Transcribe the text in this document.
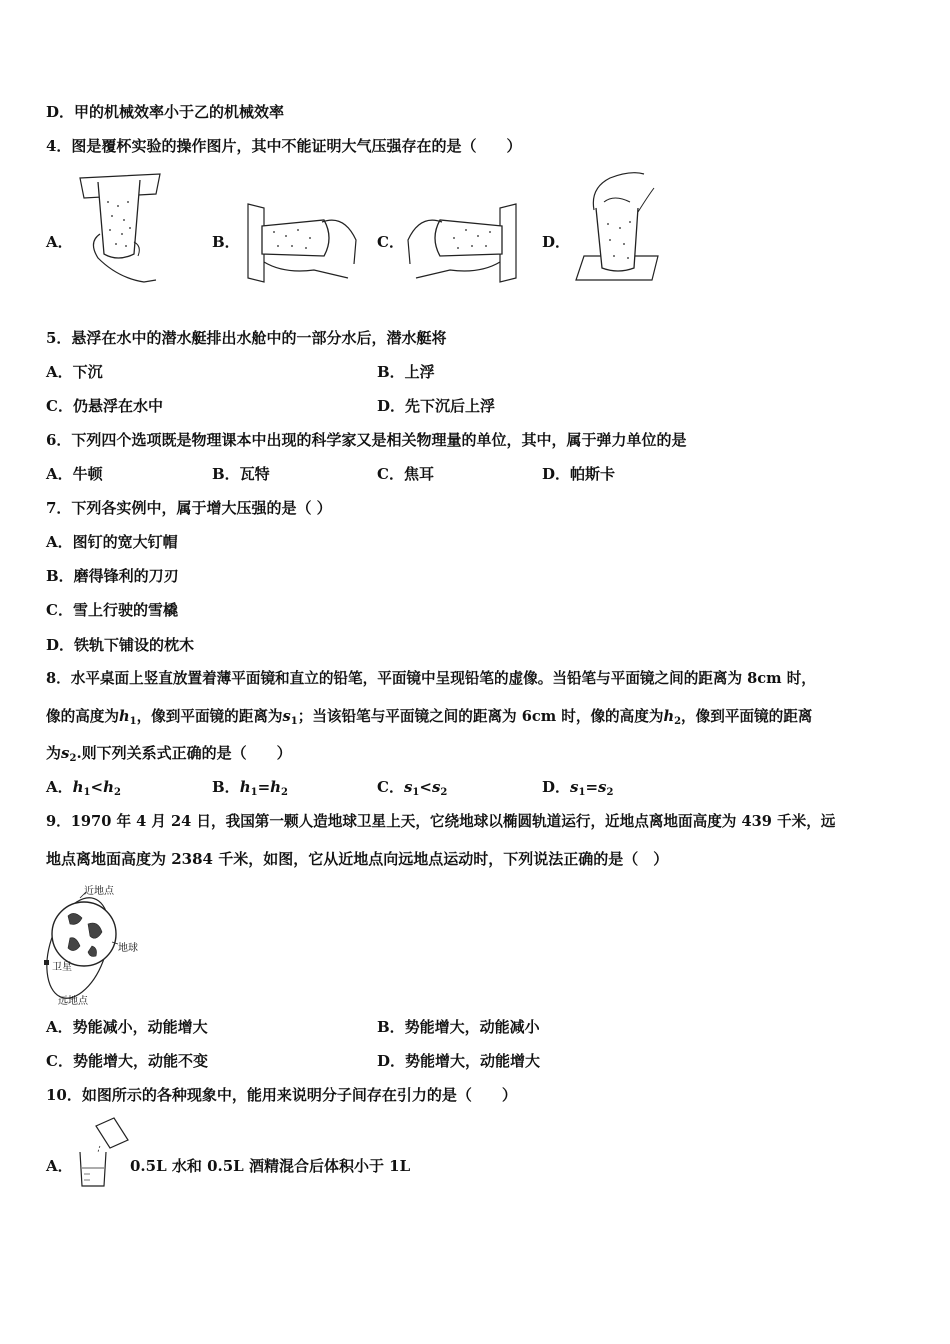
D．甲的机械效率小于乙的机械效率
4．图是覆杯实验的操作图片，其中不能证明大气压强存在的是（　　）
A．	B．	C．	D．
5．悬浮在水中的潜水艇排出水舱中的一部分水后，潜水艇将
A．下沉	B．上浮
C．仍悬浮在水中	D．先下沉后上浮
6．下列四个选项既是物理课本中出现的科学家又是相关物理量的单位，其中，属于弹力单位的是
A．牛顿	B．瓦特	C．焦耳	D．帕斯卡
7．下列各实例中，属于增大压强的是（ ）
A．图钉的宽大钉帽
B．磨得锋利的刀刃
C．雪上行驶的雪橇
D．铁轨下铺设的枕木
8．水平桌面上竖直放置着薄平面镜和直立的铅笔，平面镜中呈现铅笔的虚像。当铅笔与平面镜之间的距离为 8cm 时，
像的高度为$h_1$，像到平面镜的距离为$s_1$；当该铅笔与平面镜之间的距离为 6cm 时，像的高度为$h_2$，像到平面镜的距离
为$s_2$.则下列关系式正确的是（　　）
A．$h_1<h_2$	B．$h_1=h_2$	C．$s_1<s_2$	D．$s_1=s_2$
9．1970 年 4 月 24 日，我国第一颗人造地球卫星上天，它绕地球以椭圆轨道运行，近地点离地面高度为 439 千米，远
地点离地面高度为 2384 千米，如图，它从近地点向远地点运动时，下列说法正确的是（　）
近地点
地球
卫星
远地点
A．势能减小，动能增大	B．势能增大，动能减小
C．势能增大，动能不变	D．势能增大，动能增大
10．如图所示的各种现象中，能用来说明分子间存在引力的是（　　）
A．	0.5L 水和 0.5L 酒精混合后体积小于 1L
